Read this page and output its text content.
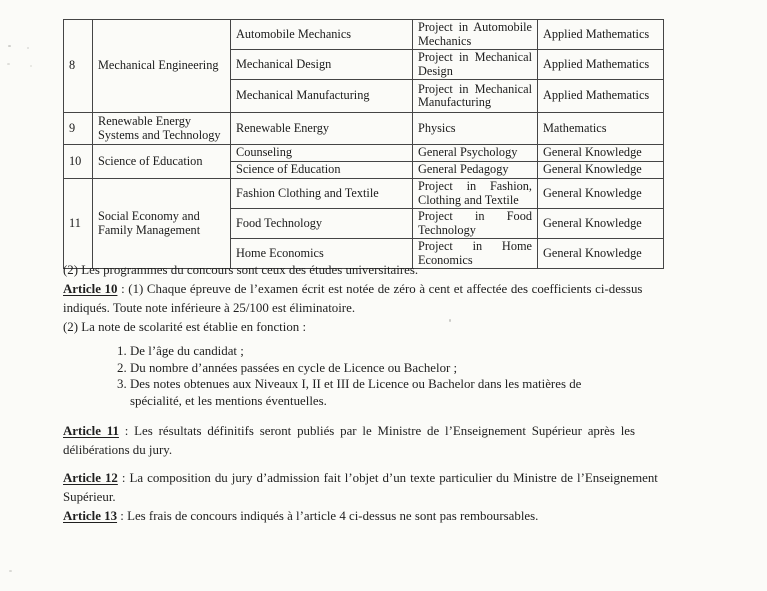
8	Mechanical Engineering	Automobile Mechanics	Project in Automobile Mechanics	Applied Mathematics
		Mechanical Design	Project in Mechanical Design	Applied Mathematics
		Mechanical Manufacturing	Project in Mechanical Manufacturing	Applied Mathematics
9	Renewable Energy Systems and Technology	Renewable Energy	Physics	Mathematics
10	Science of Education	Counseling	General Psychology	General Knowledge
		Science of Education	General Pedagogy	General Knowledge
11	Social Economy and Family Management	Fashion Clothing and Textile	Project in Fashion, Clothing and Textile	General Knowledge
		Food Technology	Project in Food Technology	General Knowledge
		Home Economics	Project in Home Economics	General Knowledge

(2) Les programmes du concours sont ceux des études universitaires.

Article 10 : (1) Chaque épreuve de l’examen écrit est notée de zéro à cent et affectée des coefficients ci-dessus

indiqués. Toute note inférieure à 25/100 est éliminatoire.

(2) La note de scolarité est établie en fonction :

1. De l’âge du candidat ;
2. Du nombre d’années passées en cycle de Licence ou Bachelor ;
3. Des notes obtenues aux Niveaux I, II et III de Licence ou Bachelor dans les matières de
spécialité, et les mentions éventuelles.

Article 11 : Les résultats définitifs seront publiés par le Ministre de l’Enseignement Supérieur après les

délibérations du jury.

Article 12 : La composition du jury d’admission fait l’objet d’un texte particulier du Ministre de l’Enseignement

Supérieur.

Article 13 : Les frais de concours indiqués à l’article 4 ci-dessus ne sont pas remboursables.
